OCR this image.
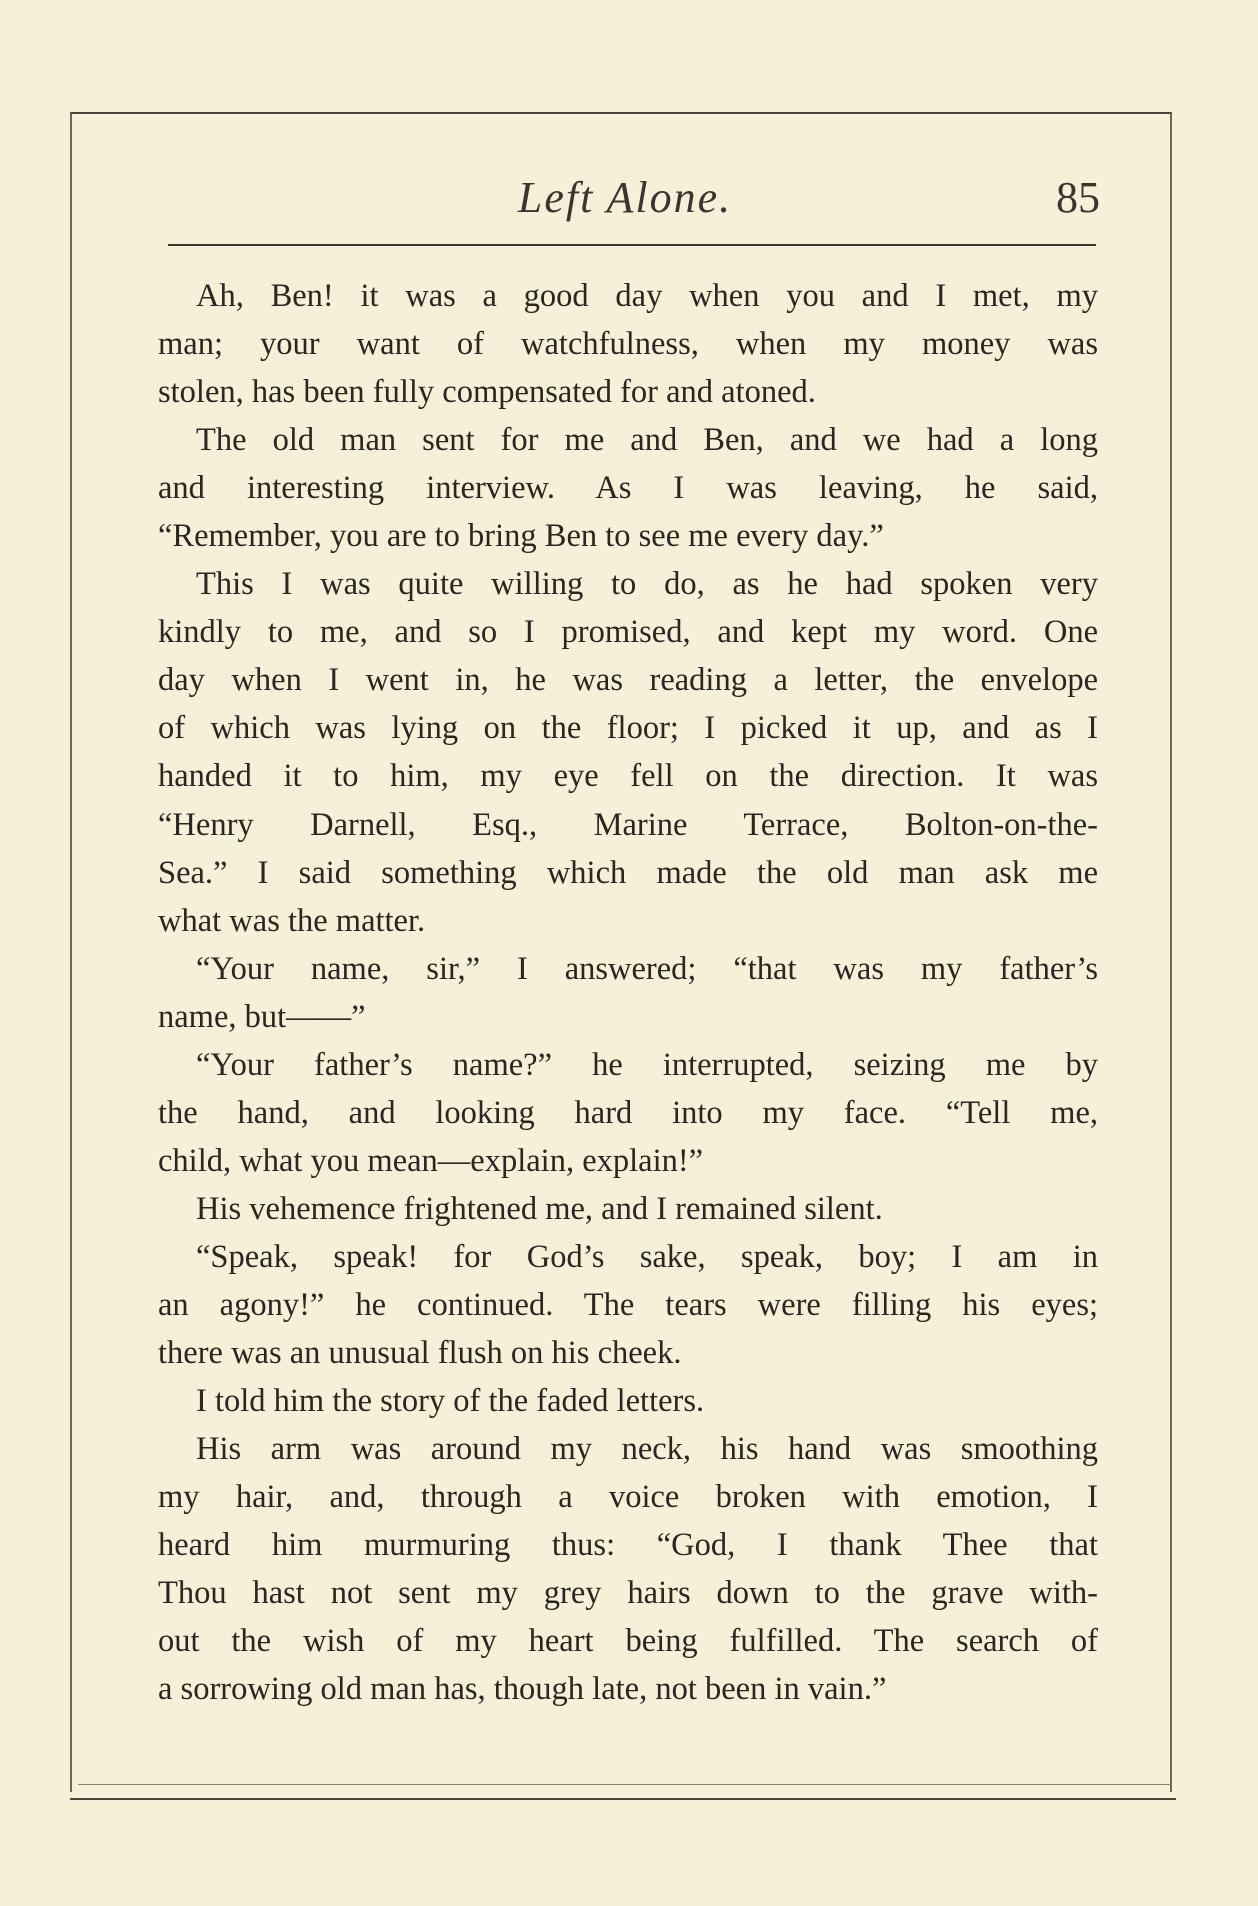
Left Alone.	85
Ah, Ben! it was a good day when you and I met, my
man; your want of watchfulness, when my money was
stolen, has been fully compensated for and atoned.
The old man sent for me and Ben, and we had a long
and interesting interview. As I was leaving, he said,
“Remember, you are to bring Ben to see me every day.”
This I was quite willing to do, as he had spoken very
kindly to me, and so I promised, and kept my word. One
day when I went in, he was reading a letter, the envelope
of which was lying on the floor; I picked it up, and as I
handed it to him, my eye fell on the direction. It was
“Henry Darnell, Esq., Marine Terrace, Bolton-on-the-
Sea.” I said something which made the old man ask me
what was the matter.
“Your name, sir,” I answered; “that was my father’s
name, but——”
“Your father’s name?” he interrupted, seizing me by
the hand, and looking hard into my face. “Tell me,
child, what you mean—explain, explain!”
His vehemence frightened me, and I remained silent.
“Speak, speak! for God’s sake, speak, boy; I am in
an agony!” he continued. The tears were filling his eyes;
there was an unusual flush on his cheek.
I told him the story of the faded letters.
His arm was around my neck, his hand was smoothing
my hair, and, through a voice broken with emotion, I
heard him murmuring thus: “God, I thank Thee that
Thou hast not sent my grey hairs down to the grave with-
out the wish of my heart being fulfilled. The search of
a sorrowing old man has, though late, not been in vain.”
